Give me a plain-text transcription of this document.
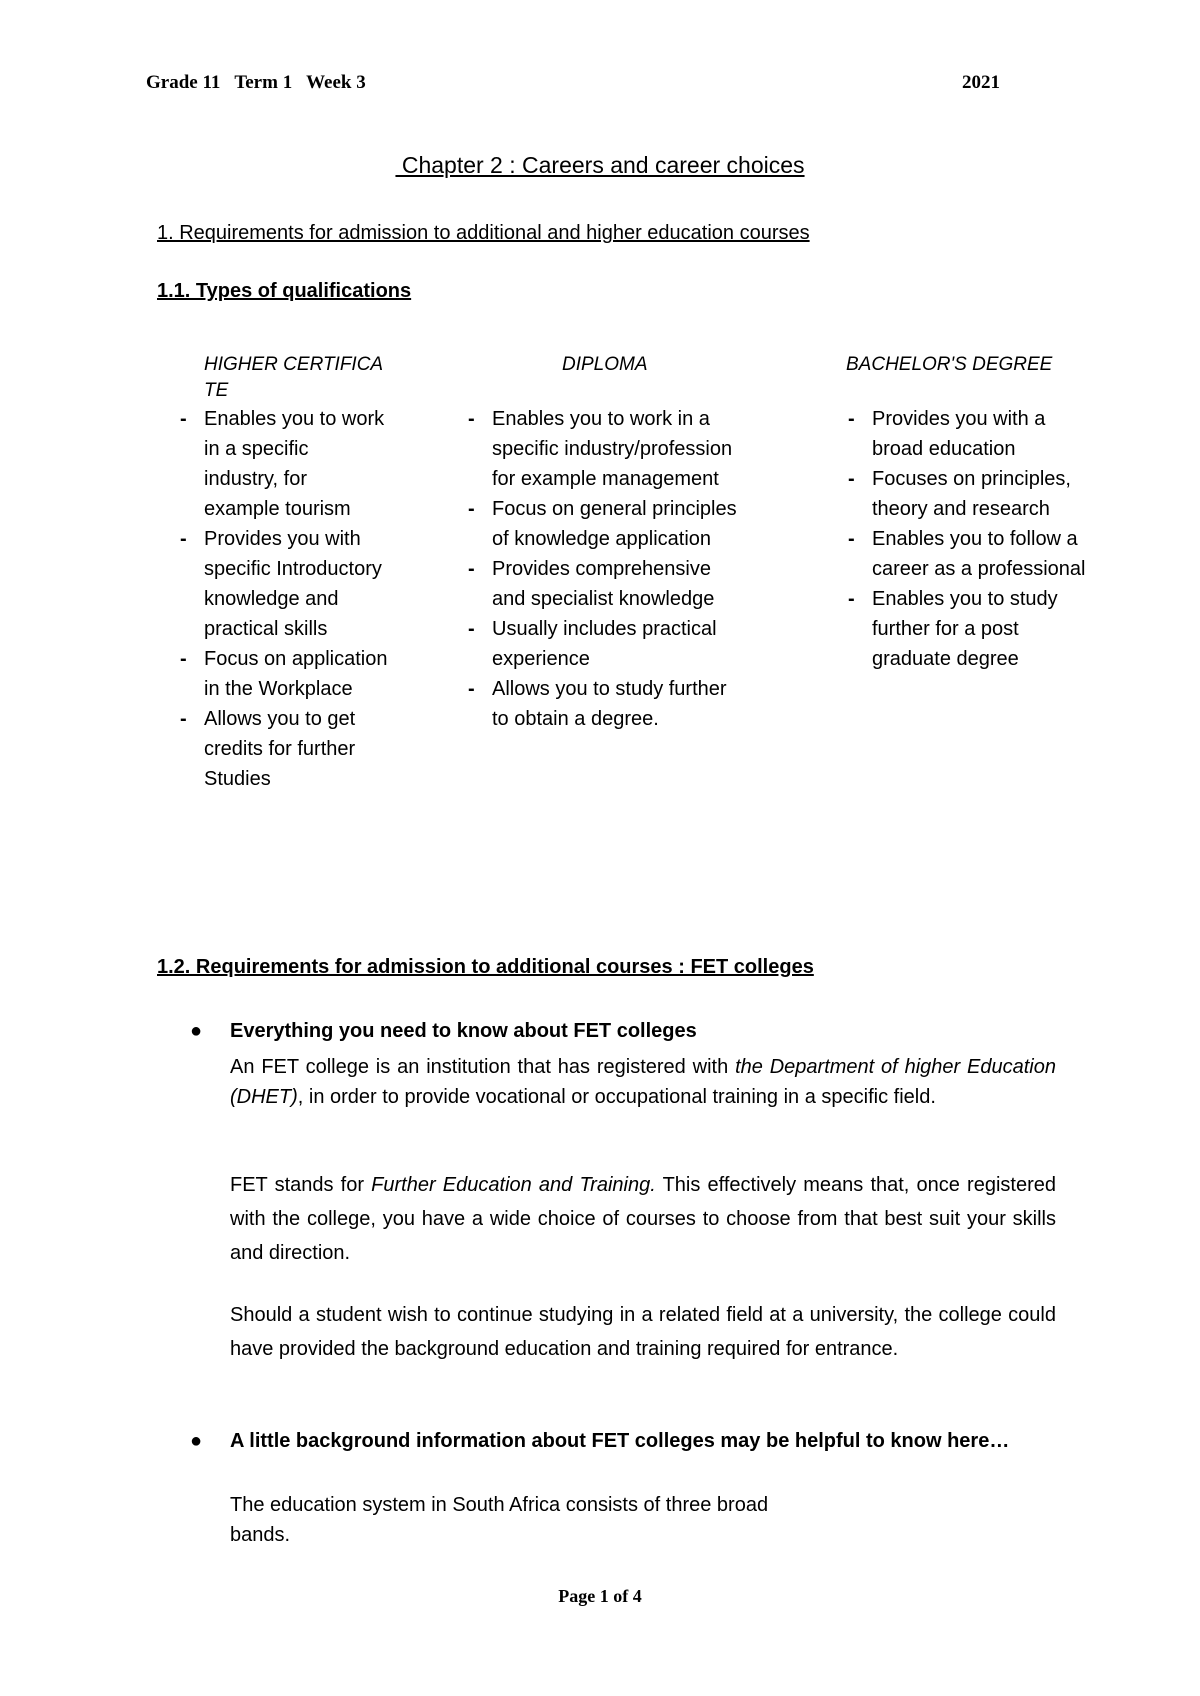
Grade 11   Term 1   Week 3	2021
Chapter 2 : Careers and career choices
1. Requirements for admission to additional and higher education courses
1.1. Types of qualifications
HIGHER CERTIFICA TE
- Enables you to work in a specific industry, for example tourism
- Provides you with specific Introductory knowledge and practical skills
- Focus on application in the Workplace
- Allows you to get credits for further Studies
DIPLOMA
- Enables you to work in a specific industry/profession for example management
- Focus on general principles of knowledge application
- Provides comprehensive and specialist knowledge
- Usually includes practical experience
- Allows you to study further to obtain a degree.
BACHELOR'S DEGREE
- Provides you with a broad education
- Focuses on principles, theory and research
- Enables you to follow a career as a professional
- Enables you to study further for a post graduate degree
1.2. Requirements for admission to additional courses : FET colleges
● Everything you need to know about FET colleges
An FET college is an institution that has registered with the Department of higher Education (DHET), in order to provide vocational or occupational training in a specific field.
FET stands for Further Education and Training. This effectively means that, once registered with the college, you have a wide choice of courses to choose from that best suit your skills and direction.
Should a student wish to continue studying in a related field at a university, the college could have provided the background education and training required for entrance.
● A little background information about FET colleges may be helpful to know here…
The education system in South Africa consists of three broad bands.
Page 1 of 4
